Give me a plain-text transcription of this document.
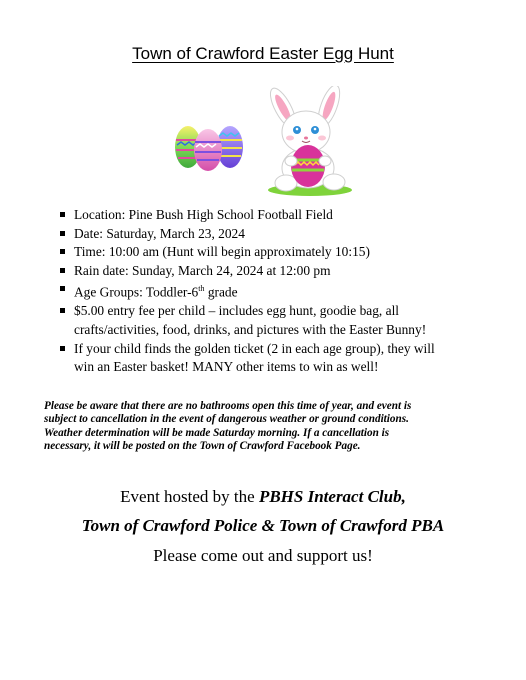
Town of Crawford Easter Egg Hunt
Location: Pine Bush High School Football Field
Date: Saturday, March 23, 2024
Time: 10:00 am (Hunt will begin approximately 10:15)
Rain date: Sunday, March 24, 2024 at 12:00 pm
Age Groups: Toddler-6th grade
$5.00 entry fee per child – includes egg hunt, goodie bag, all
crafts/activities, food, drinks, and pictures with the Easter Bunny!
If your child finds the golden ticket (2 in each age group), they will
win an Easter basket! MANY other items to win as well!
Please be aware that there are no bathrooms open this time of year, and event is
subject to cancellation in the event of dangerous weather or ground conditions.
Weather determination will be made Saturday morning. If a cancellation is
necessary, it will be posted on the Town of Crawford Facebook Page.
Event hosted by the PBHS Interact Club,
Town of Crawford Police & Town of Crawford PBA
Please come out and support us!
